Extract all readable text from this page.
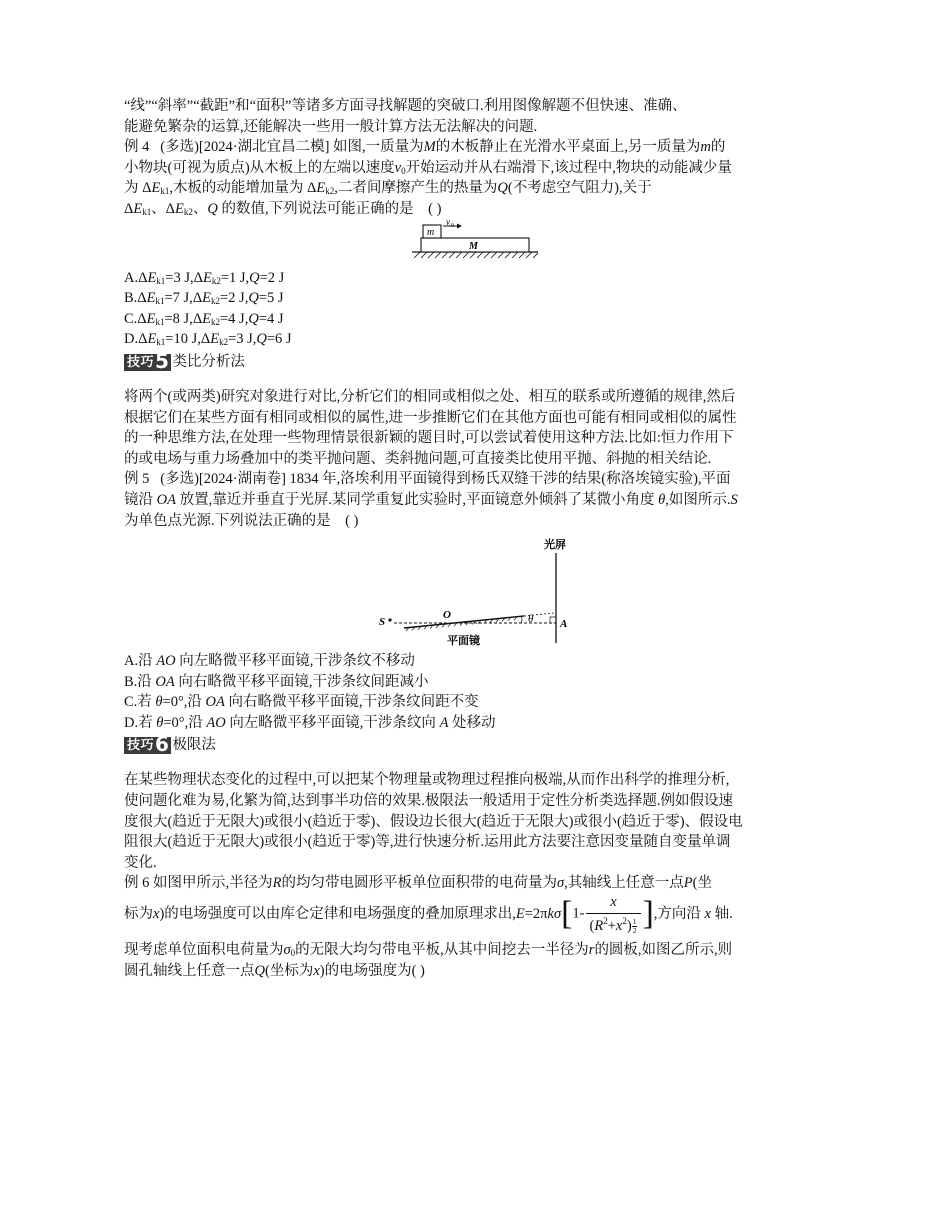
“线”“斜率”“截距”和“面积”等诸多方面寻找解题的突破口.利用图像解题不但快速、准确、

能避免繁杂的运算,还能解决一些用一般计算方法无法解决的问题.

例 4 (多选)[2024·湖北宜昌二模] 如图,一质量为M的木板静止在光滑水平桌面上,另一质量为m的

小物块(可视为质点)从木板上的左端以速度$v_0$开始运动并从右端滑下,该过程中,物块的动能减少量

为 $\Delta E_{k1}$,木板的动能增加量为 $\Delta E_{k2}$,二者间摩擦产生的热量为Q(不考虑空气阻力),关于

$\Delta E_{k1}$、$\Delta E_{k2}$、Q 的数值,下列说法可能正确的是 ( )

m
v 0
M

$A.\Delta E_{k1}=3$ $J,\Delta E_{k2}=1$ J,Q=2 J

$B.\Delta E_{k1}=7$ $J,\Delta E_{k2}=2$ J,Q=5 J

$C.\Delta E_{k1}=8$ $J,\Delta E_{k2}=4$ J,Q=4 J

$D.\Delta E_{k1}=10$ $J,\Delta E_{k2}=3$ J,Q=6 J

技巧 5 类比分析法

将两个(或两类)研究对象进行对比,分析它们的相同或相似之处、相互的联系或所遵循的规律,然后

根据它们在某些方面有相同或相似的属性,进一步推断它们在其他方面也可能有相同或相似的属性

的一种思维方法,在处理一些物理情景很新颖的题目时,可以尝试着使用这种方法.比如:恒力作用下

的或电场与重力场叠加中的类平抛问题、类斜抛问题,可直接类比使用平抛、斜抛的相关结论.

例 5 (多选)[2024·湖南卷] 1834 年,洛埃利用平面镜得到杨氏双缝干涉的结果(称洛埃镜实验),平面

镜沿 OA 放置,靠近并垂直于光屏.某同学重复此实验时,平面镜意外倾斜了某微小角度 θ,如图所示.S

为单色点光源.下列说法正确的是 ( )

光屏
S
O	θ A
平面镜

A.沿 AO 向左略微平移平面镜,干涉条纹不移动

B.沿 OA 向右略微平移平面镜,干涉条纹间距减小

C.若 θ=0°,沿 OA 向右略微平移平面镜,干涉条纹间距不变

D.若 θ=0°,沿 AO 向左略微平移平面镜,干涉条纹向 A 处移动

技巧 6 极限法

在某些物理状态变化的过程中,可以把某个物理量或物理过程推向极端,从而作出科学的推理分析,

使问题化难为易,化繁为简,达到事半功倍的效果.极限法一般适用于定性分析类选择题.例如假设速

度很大(趋近于无限大)或很小(趋近于零)、假设边长很大(趋近于无限大)或很小(趋近于零)、假设电

阻很大(趋近于无限大)或很小(趋近于零)等,进行快速分析.运用此方法要注意因变量随自变量单调

变化.

例 6 如图甲所示,半径为R的均匀带电圆形平板单位面积带的电荷量为σ,其轴线上任意一点P(坐

标为 x )的电场强度可以由库仑定律和电场强度的叠加原理求出, E =2π k σ [1- x
$(R^2+x^2)$ $^{\frac{1}{2}}$ ] ,方向沿
x
轴.

现考虑单位面积电荷量为$\sigma_0$的无限大均匀带电平板,从其中间挖去一半径为r的圆板,如图乙所示,则

圆孔轴线上任意一点Q(坐标为x)的电场强度为( )
